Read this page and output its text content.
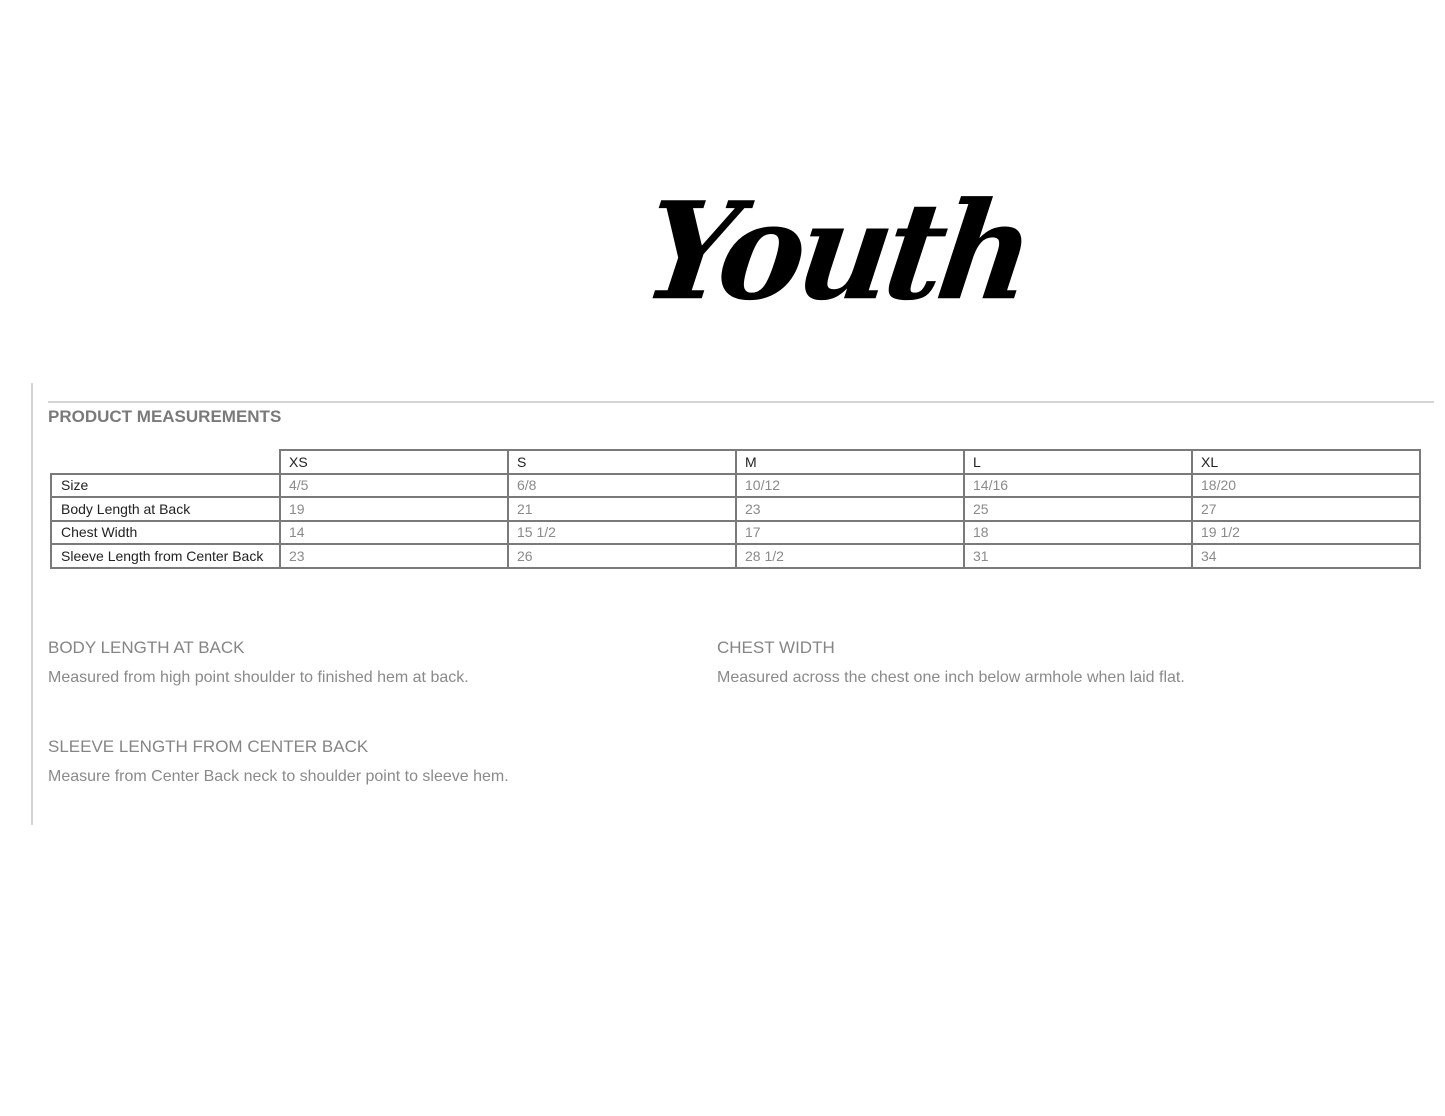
Youth
PRODUCT MEASUREMENTS
	XS	S	M	L	XL
Size	4/5	6/8	10/12	14/16	18/20
Body Length at Back	19	21	23	25	27
Chest Width	14	15 1/2	17	18	19 1/2
Sleeve Length from Center Back	23	26	28 1/2	31	34
BODY LENGTH AT BACK
Measured from high point shoulder to finished hem at back.
CHEST WIDTH
Measured across the chest one inch below armhole when laid flat.
SLEEVE LENGTH FROM CENTER BACK
Measure from Center Back neck to shoulder point to sleeve hem.
